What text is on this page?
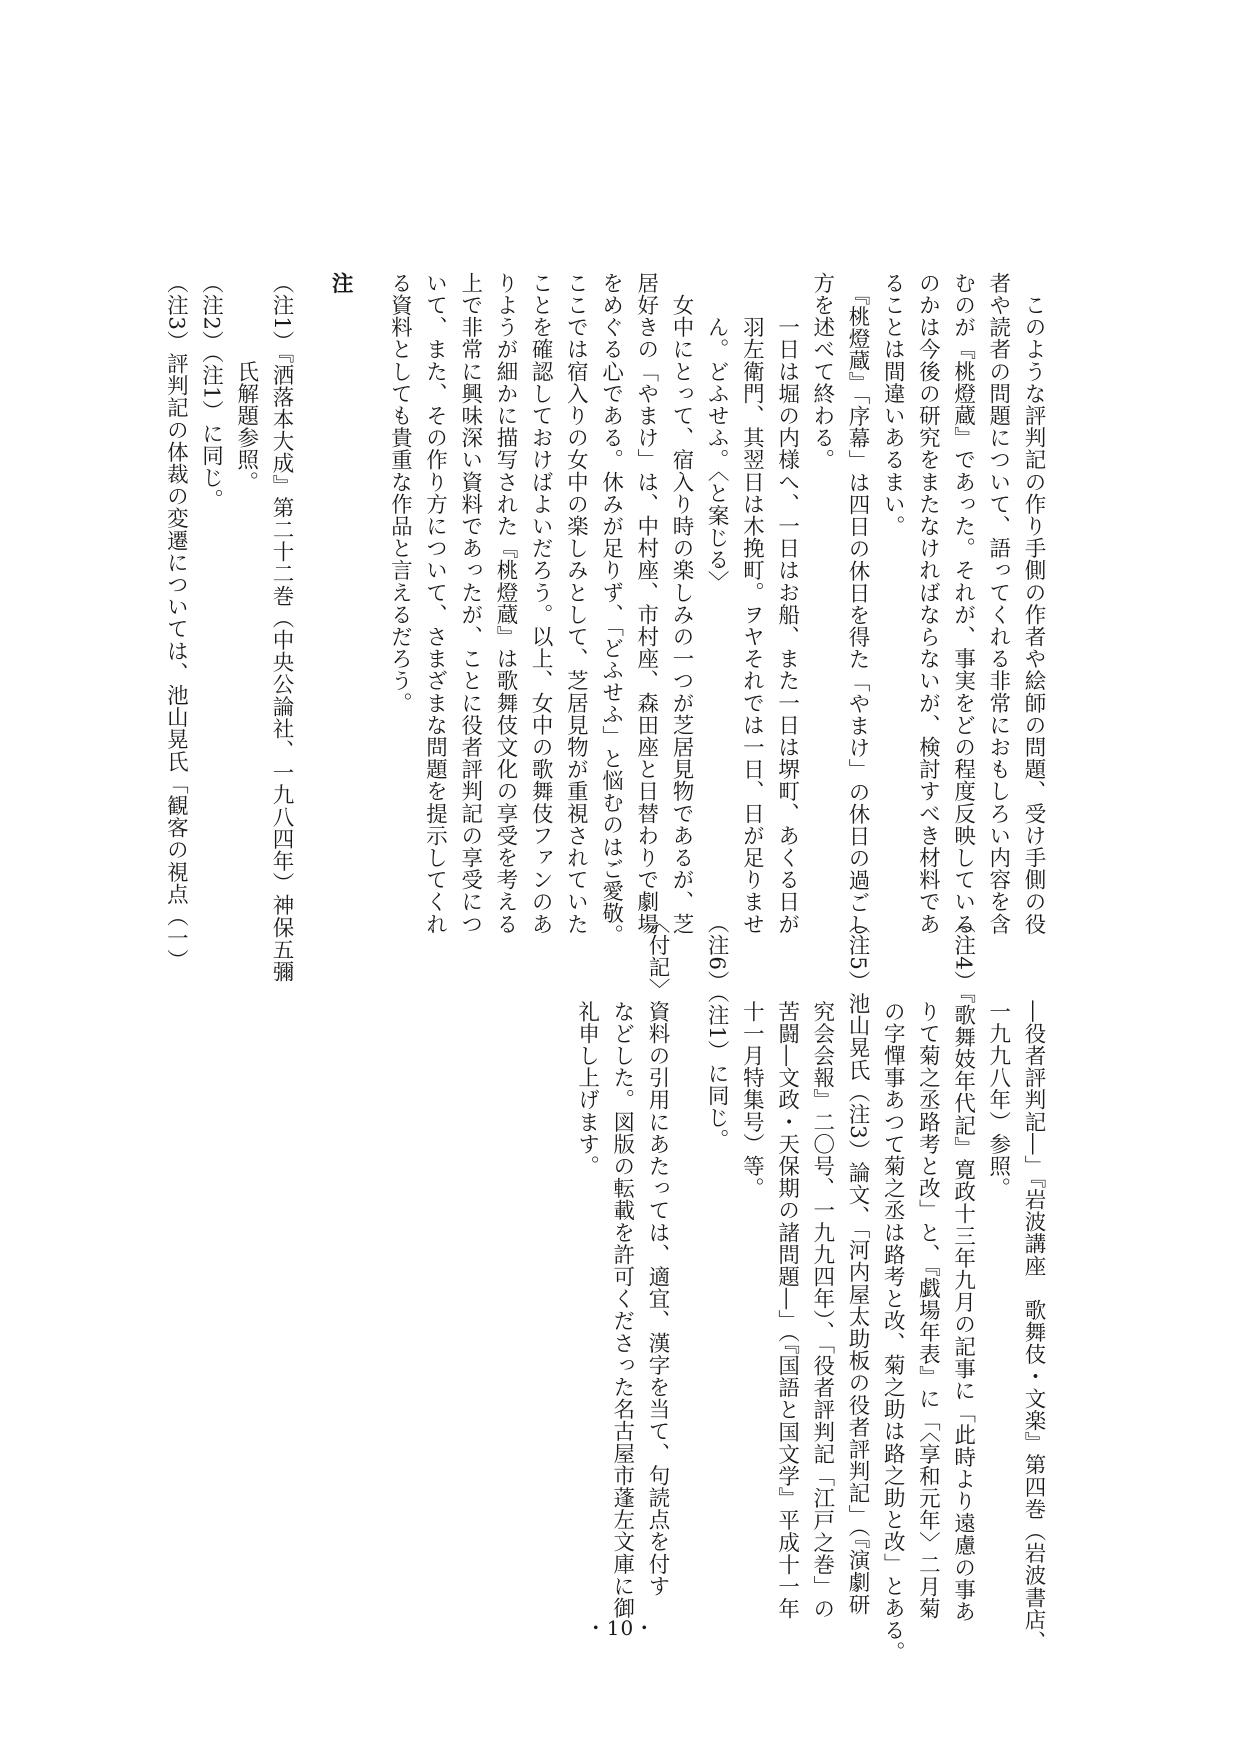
　このような評判記の作り手側の作者や絵師の問題、受け手側の役

者や読者の問題について、語ってくれる非常におもしろい内容を含

むのが『桃燈蔵』であった。それが、事実をどの程度反映している

のかは今後の研究をまたなければならないが、検討すべき材料であ

ることは間違いあるまい。

　『桃燈蔵』「序幕」は四日の休日を得た「やまけ」の休日の過ごし

方を述べて終わる。

　　一日は堀の内様へ、一日はお船、また一日は堺町、あくる日が

　　羽左衛門、其翌日は木挽町。ヲヤそれでは一日、日が足りませ

　　ん。どふせふ。〈と案じる〉

　女中にとって、宿入り時の楽しみの一つが芝居見物であるが、芝

居好きの「やまけ」は、中村座、市村座、森田座と日替わりで劇場

をめぐる心である。休みが足りず、「どふせふ」と悩むのはご愛敬。

ここでは宿入りの女中の楽しみとして、芝居見物が重視されていた

ことを確認しておけばよいだろう。以上、女中の歌舞伎ファンのあ

りようが細かに描写された『桃燈蔵』は歌舞伎文化の享受を考える

上で非常に興味深い資料であったが、ことに役者評判記の享受につ

いて、また、その作り方について、さまざまな問題を提示してくれ

る資料としても貴重な作品と言えるだろう。

注

（注1）『洒落本大成』第二十二巻（中央公論社、一九八四年）神保五彌

　　　　氏解題参照。

（注2）（注1）に同じ。

（注3）評判記の体裁の変遷については、池山晃氏「観客の視点（一）

　　　　―役者評判記―」『岩波講座　歌舞伎・文楽』第四巻（岩波書店、

　　　　一九九八年）参照。

（注4）『歌舞妓年代記』寛政十三年九月の記事に「此時より遠慮の事あ

　　　　りて菊之丞路考と改」と、『戯場年表』に「〈享和元年〉二月菊

　　　　の字憚事あつて菊之丞は路考と改、菊之助は路之助と改」とある。

（注5）池山晃氏（注3）論文、「河内屋太助板の役者評判記」（『演劇研

　　　　究会会報』二〇号、一九九四年）、「役者評判記「江戸之巻」の

　　　　苦闘―文政・天保期の諸問題―」（『国語と国文学』平成十一年

　　　　十一月特集号）等。

（注6）（注1）に同じ。

〈付記〉資料の引用にあたっては、適宜、漢字を当て、句読点を付す

　　　　などした。図版の転載を許可くださった名古屋市蓬左文庫に御

　　　　礼申し上げます。

・10・
